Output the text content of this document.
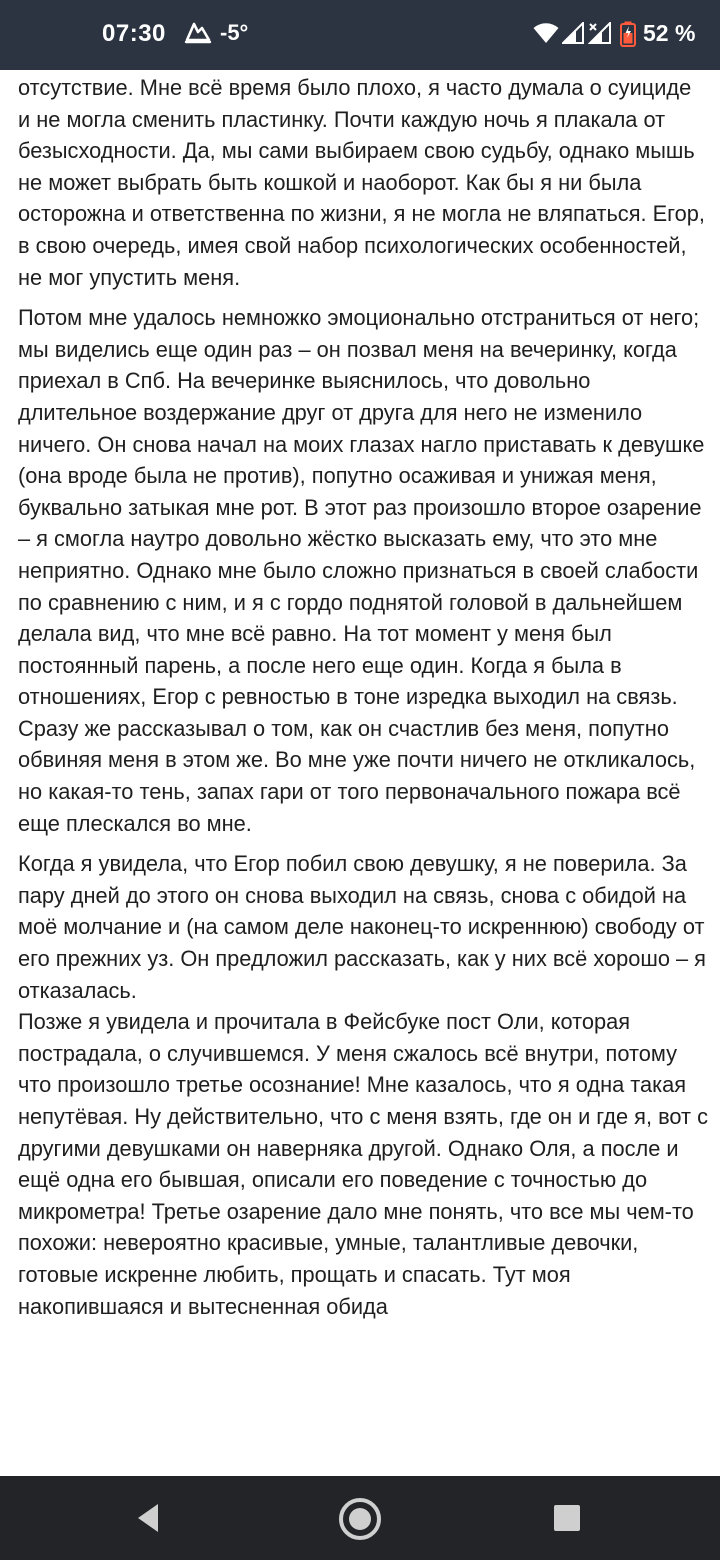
07:30 -5°	52 %

отсутствие. Мне всё время было плохо, я часто думала о суициде и не могла сменить пластинку. Почти каждую ночь я плакала от безысходности. Да, мы сами выбираем свою судьбу, однако мышь не может выбрать быть кошкой и наоборот. Как бы я ни была осторожна и ответственна по жизни, я не могла не вляпаться. Егор, в свою очередь, имея свой набор психологических особенностей, не мог упустить меня.

Потом мне удалось немножко эмоционально отстраниться от него; мы виделись еще один раз – он позвал меня на вечеринку, когда приехал в Спб. На вечеринке выяснилось, что довольно длительное воздержание друг от друга для него не изменило ничего. Он снова начал на моих глазах нагло приставать к девушке (она вроде была не против), попутно осаживая и унижая меня, буквально затыкая мне рот. В этот раз произошло второе озарение – я смогла наутро довольно жёстко высказать ему, что это мне неприятно. Однако мне было сложно признаться в своей слабости по сравнению с ним, и я с гордо поднятой головой в дальнейшем делала вид, что мне всё равно. На тот момент у меня был постоянный парень, а после него еще один. Когда я была в отношениях, Егор с ревностью в тоне изредка выходил на связь. Сразу же рассказывал о том, как он счастлив без меня, попутно обвиняя меня в этом же. Во мне уже почти ничего не откликалось, но какая-то тень, запах гари от того первоначального пожара всё еще плескался во мне.

Когда я увидела, что Егор побил свою девушку, я не поверила. За пару дней до этого он снова выходил на связь, снова с обидой на моё молчание и (на самом деле наконец-то искреннюю) свободу от его прежних уз. Он предложил рассказать, как у них всё хорошо – я отказалась.

Позже я увидела и прочитала в Фейсбуке пост Оли, которая пострадала, о случившемся. У меня сжалось всё внутри, потому что произошло третье осознание! Мне казалось, что я одна такая непутёвая. Ну действительно, что с меня взять, где он и где я, вот с другими девушками он наверняка другой. Однако Оля, а после и ещё одна его бывшая, описали его поведение с точностью до микрометра! Третье озарение дало мне понять, что все мы чем-то похожи: невероятно красивые, умные, талантливые девочки, готовые искренне любить, прощать и спасать. Тут моя накопившаяся и вытесненная обида
